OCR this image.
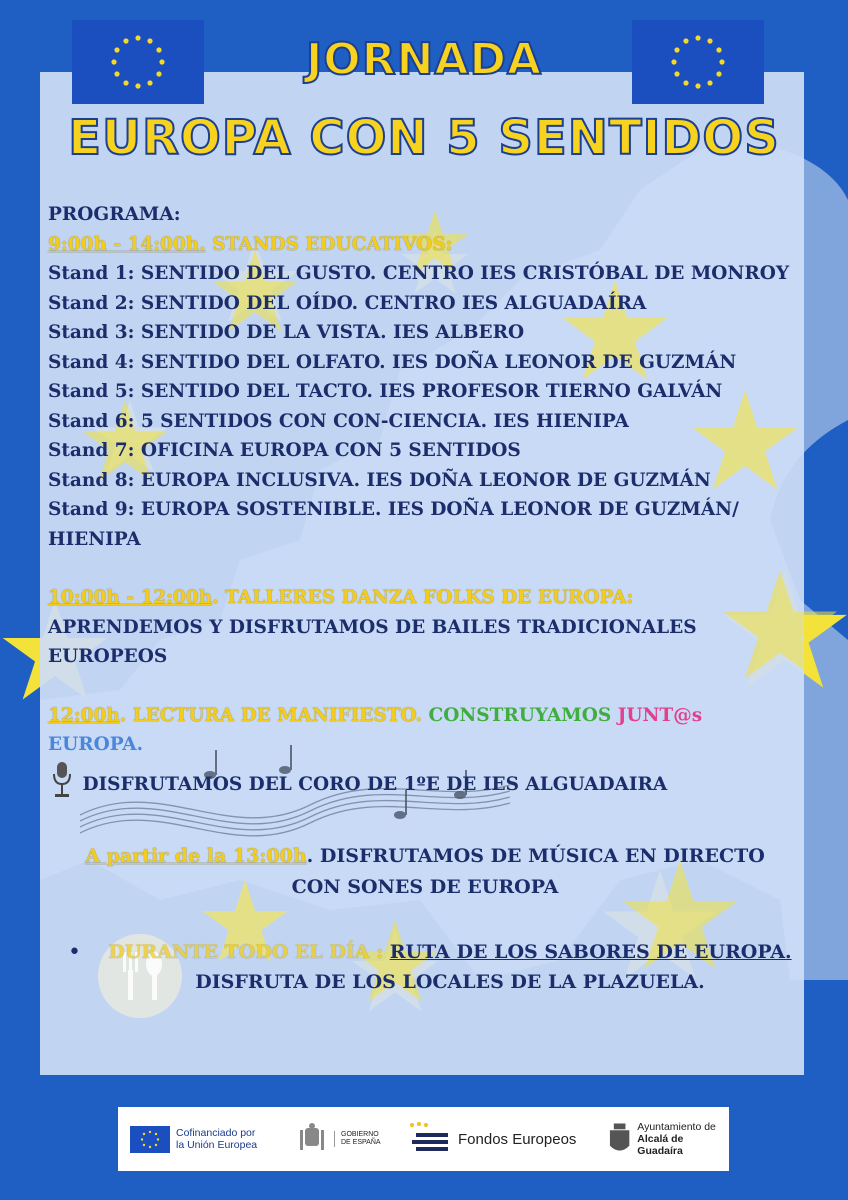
JORNADA
EUROPA CON 5 SENTIDOS

PROGRAMA:

9:00h - 14:00h. STANDS EDUCATIVOS:

Stand 1: SENTIDO DEL GUSTO. CENTRO IES CRISTÓBAL DE MONROY

Stand 2: SENTIDO DEL OÍDO. CENTRO IES ALGUADAÍRA

Stand 3: SENTIDO DE LA VISTA. IES ALBERO

Stand 4: SENTIDO DEL OLFATO. IES DOÑA LEONOR DE GUZMÁN

Stand 5: SENTIDO DEL TACTO. IES PROFESOR TIERNO GALVÁN

Stand 6: 5 SENTIDOS CON CON-CIENCIA. IES HIENIPA

Stand 7: OFICINA EUROPA CON 5 SENTIDOS

Stand 8: EUROPA INCLUSIVA. IES DOÑA LEONOR DE GUZMÁN

Stand 9: EUROPA SOSTENIBLE. IES DOÑA LEONOR DE GUZMÁN/

HIENIPA

10:00h - 12:00h. TALLERES DANZA FOLKS DE EUROPA:

APRENDEMOS Y DISFRUTAMOS DE BAILES TRADICIONALES

EUROPEOS

12:00h. LECTURA DE MANIFIESTO. CONSTRUYAMOS JUNT@s

EUROPA.

DISFRUTAMOS DEL CORO DE 1ºE DE IES ALGUADAIRA

A partir de la 13:00h. DISFRUTAMOS DE MÚSICA EN DIRECTO
CON SONES DE EUROPA
•	DURANTE TODO EL DÍA : RUTA DE LOS SABORES DE EUROPA.
DISFRUTA DE LOS LOCALES DE LA PLAZUELA.
Cofinanciado por
la Unión Europea
GOBIERNO
DE ESPAÑA	Fondos Europeos
Ayuntamiento de
Alcalá de Guadaíra
